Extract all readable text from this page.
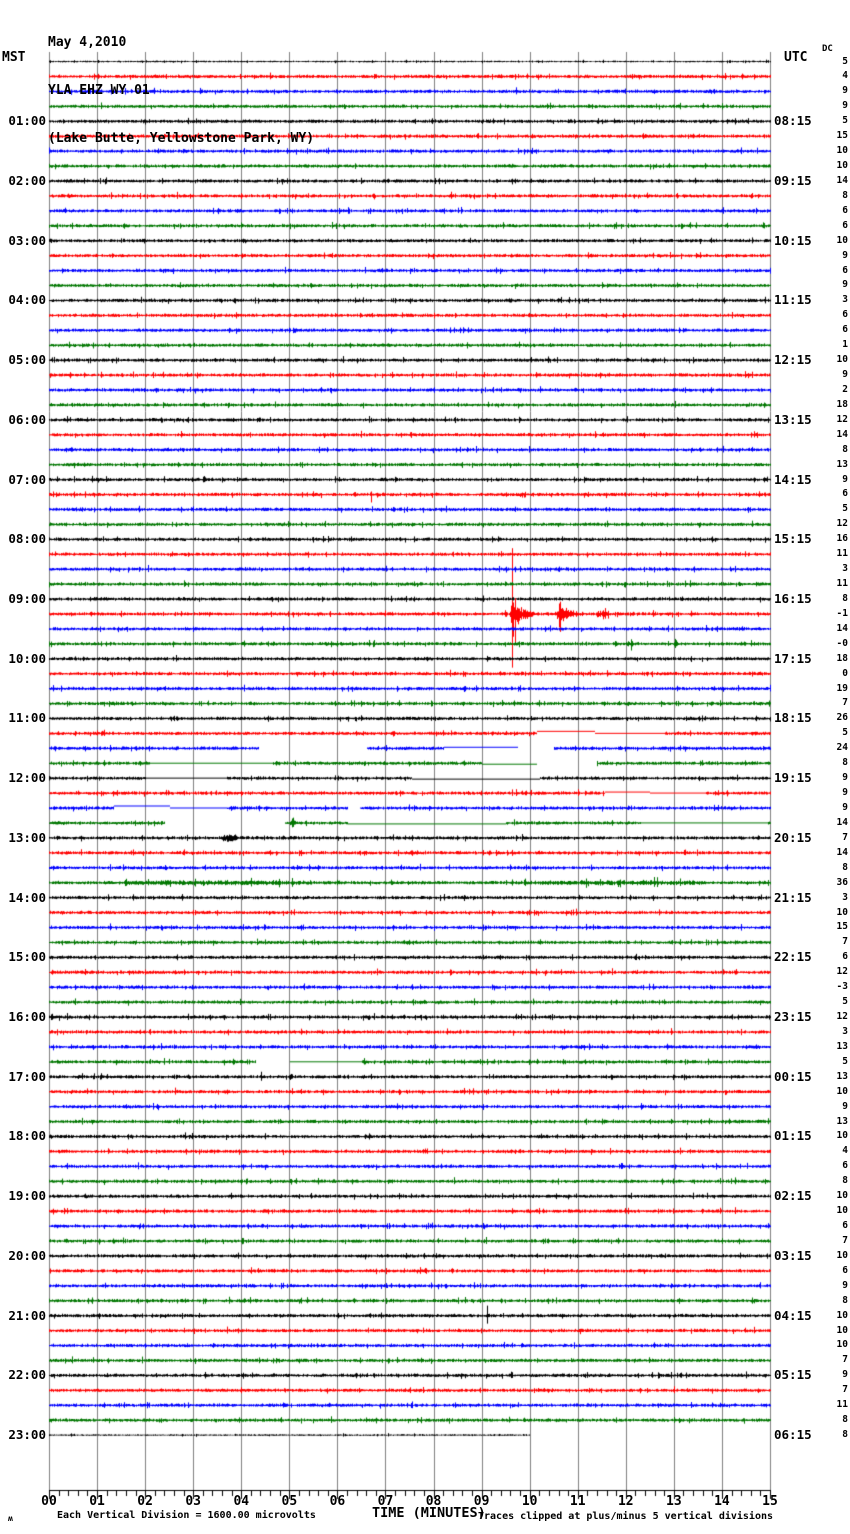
May 4,2010

YLA EHZ WY 01

(Lake Butte, Yellowstone Park, WY)

MST	UTC
DC
01:00
02:00
03:00
04:00
05:00
06:00
07:00
08:00
09:00
10:00
11:00
12:00
13:00
14:00
15:00
16:00
17:00
18:00
19:00
20:00
21:00
22:00
23:00
08:15
09:15
10:15
11:15
12:15
13:15
14:15
15:15
16:15
17:15
18:15
19:15
20:15
21:15
22:15
23:15
00:15
01:15
02:15
03:15
04:15
05:15
06:15
5
4
9
9
5
15
10
10
14
8
6
6
10
9
6
9
3
6
6
1
10
9
2
18
12
14
8
13
9
6
5
12
16
11
3
11
8
-1
14
-0
18
0
19
7
26
5
24
8
9
9
9
14
7
14
8
36
3
10
15
7
6
12
-3
5
12
3
13
5
13
10
9
13
10
4
6
8
10
10
6
7
10
6
9
8
10
10
10
7
9
7
11
8
8
00	01	02	03	04	05	06	07	08	09	10	11	12	13	14	15
ʍ	Each Vertical Division = 1600.00 microvolts	TIME (MINUTES)
Traces clipped at plus/minus 5 vertical divisions
